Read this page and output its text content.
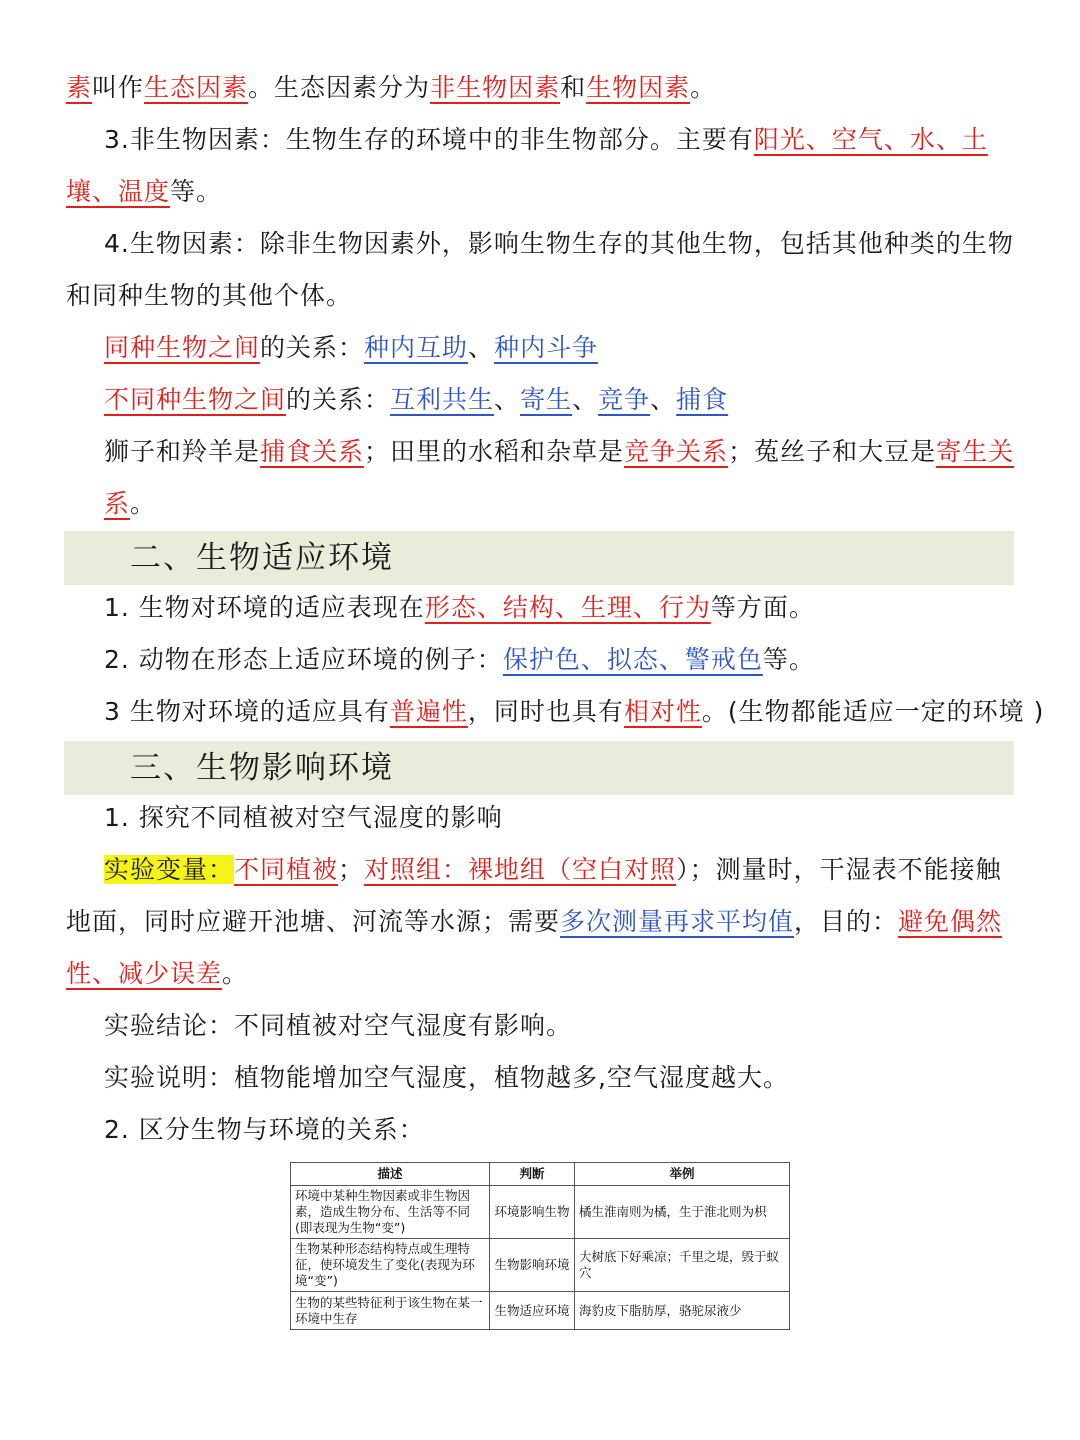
二、生物适应环境
三、生物影响环境
素叫作生态因素。生态因素分为非生物因素和生物因素。
3.非生物因素：生物生存的环境中的非生物部分。主要有阳光、空气、水、土
壤、温度等。
4.生物因素：除非生物因素外，影响生物生存的其他生物，包括其他种类的生物
和同种生物的其他个体。
同种生物之间的关系：种内互助、种内斗争
不同种生物之间的关系：互利共生、寄生、竞争、捕食
狮子和羚羊是捕食关系；田里的水稻和杂草是竞争关系；菟丝子和大豆是寄生关
系。
1. 生物对环境的适应表现在形态、结构、生理、行为等方面。
2. 动物在形态上适应环境的例子：保护色、拟态、警戒色等。
3 生物对环境的适应具有普遍性，同时也具有相对性。(生物都能适应一定的环境 )
1. 探究不同植被对空气湿度的影响
实验变量：不同植被；对照组：裸地组（空白对照）；测量时，干湿表不能接触
地面，同时应避开池塘、河流等水源；需要多次测量再求平均值，目的：避免偶然
性、减少误差。
实验结论：不同植被对空气湿度有影响。
实验说明：植物能增加空气湿度，植物越多,空气湿度越大。
2. 区分生物与环境的关系：
描述	判断	举例
环境中某种生物因素或非生物因素，造成生物分布、生活等不同(即表现为生物“变”)	环境影响生物	橘生淮南则为橘，生于淮北则为枳
生物某种形态结构特点或生理特征，使环境发生了变化(表现为环境“变”)	生物影响环境	大树底下好乘凉；千里之堤，毁于蚁穴
生物的某些特征利于该生物在某一环境中生存	生物适应环境	海豹皮下脂肪厚，骆驼尿液少
